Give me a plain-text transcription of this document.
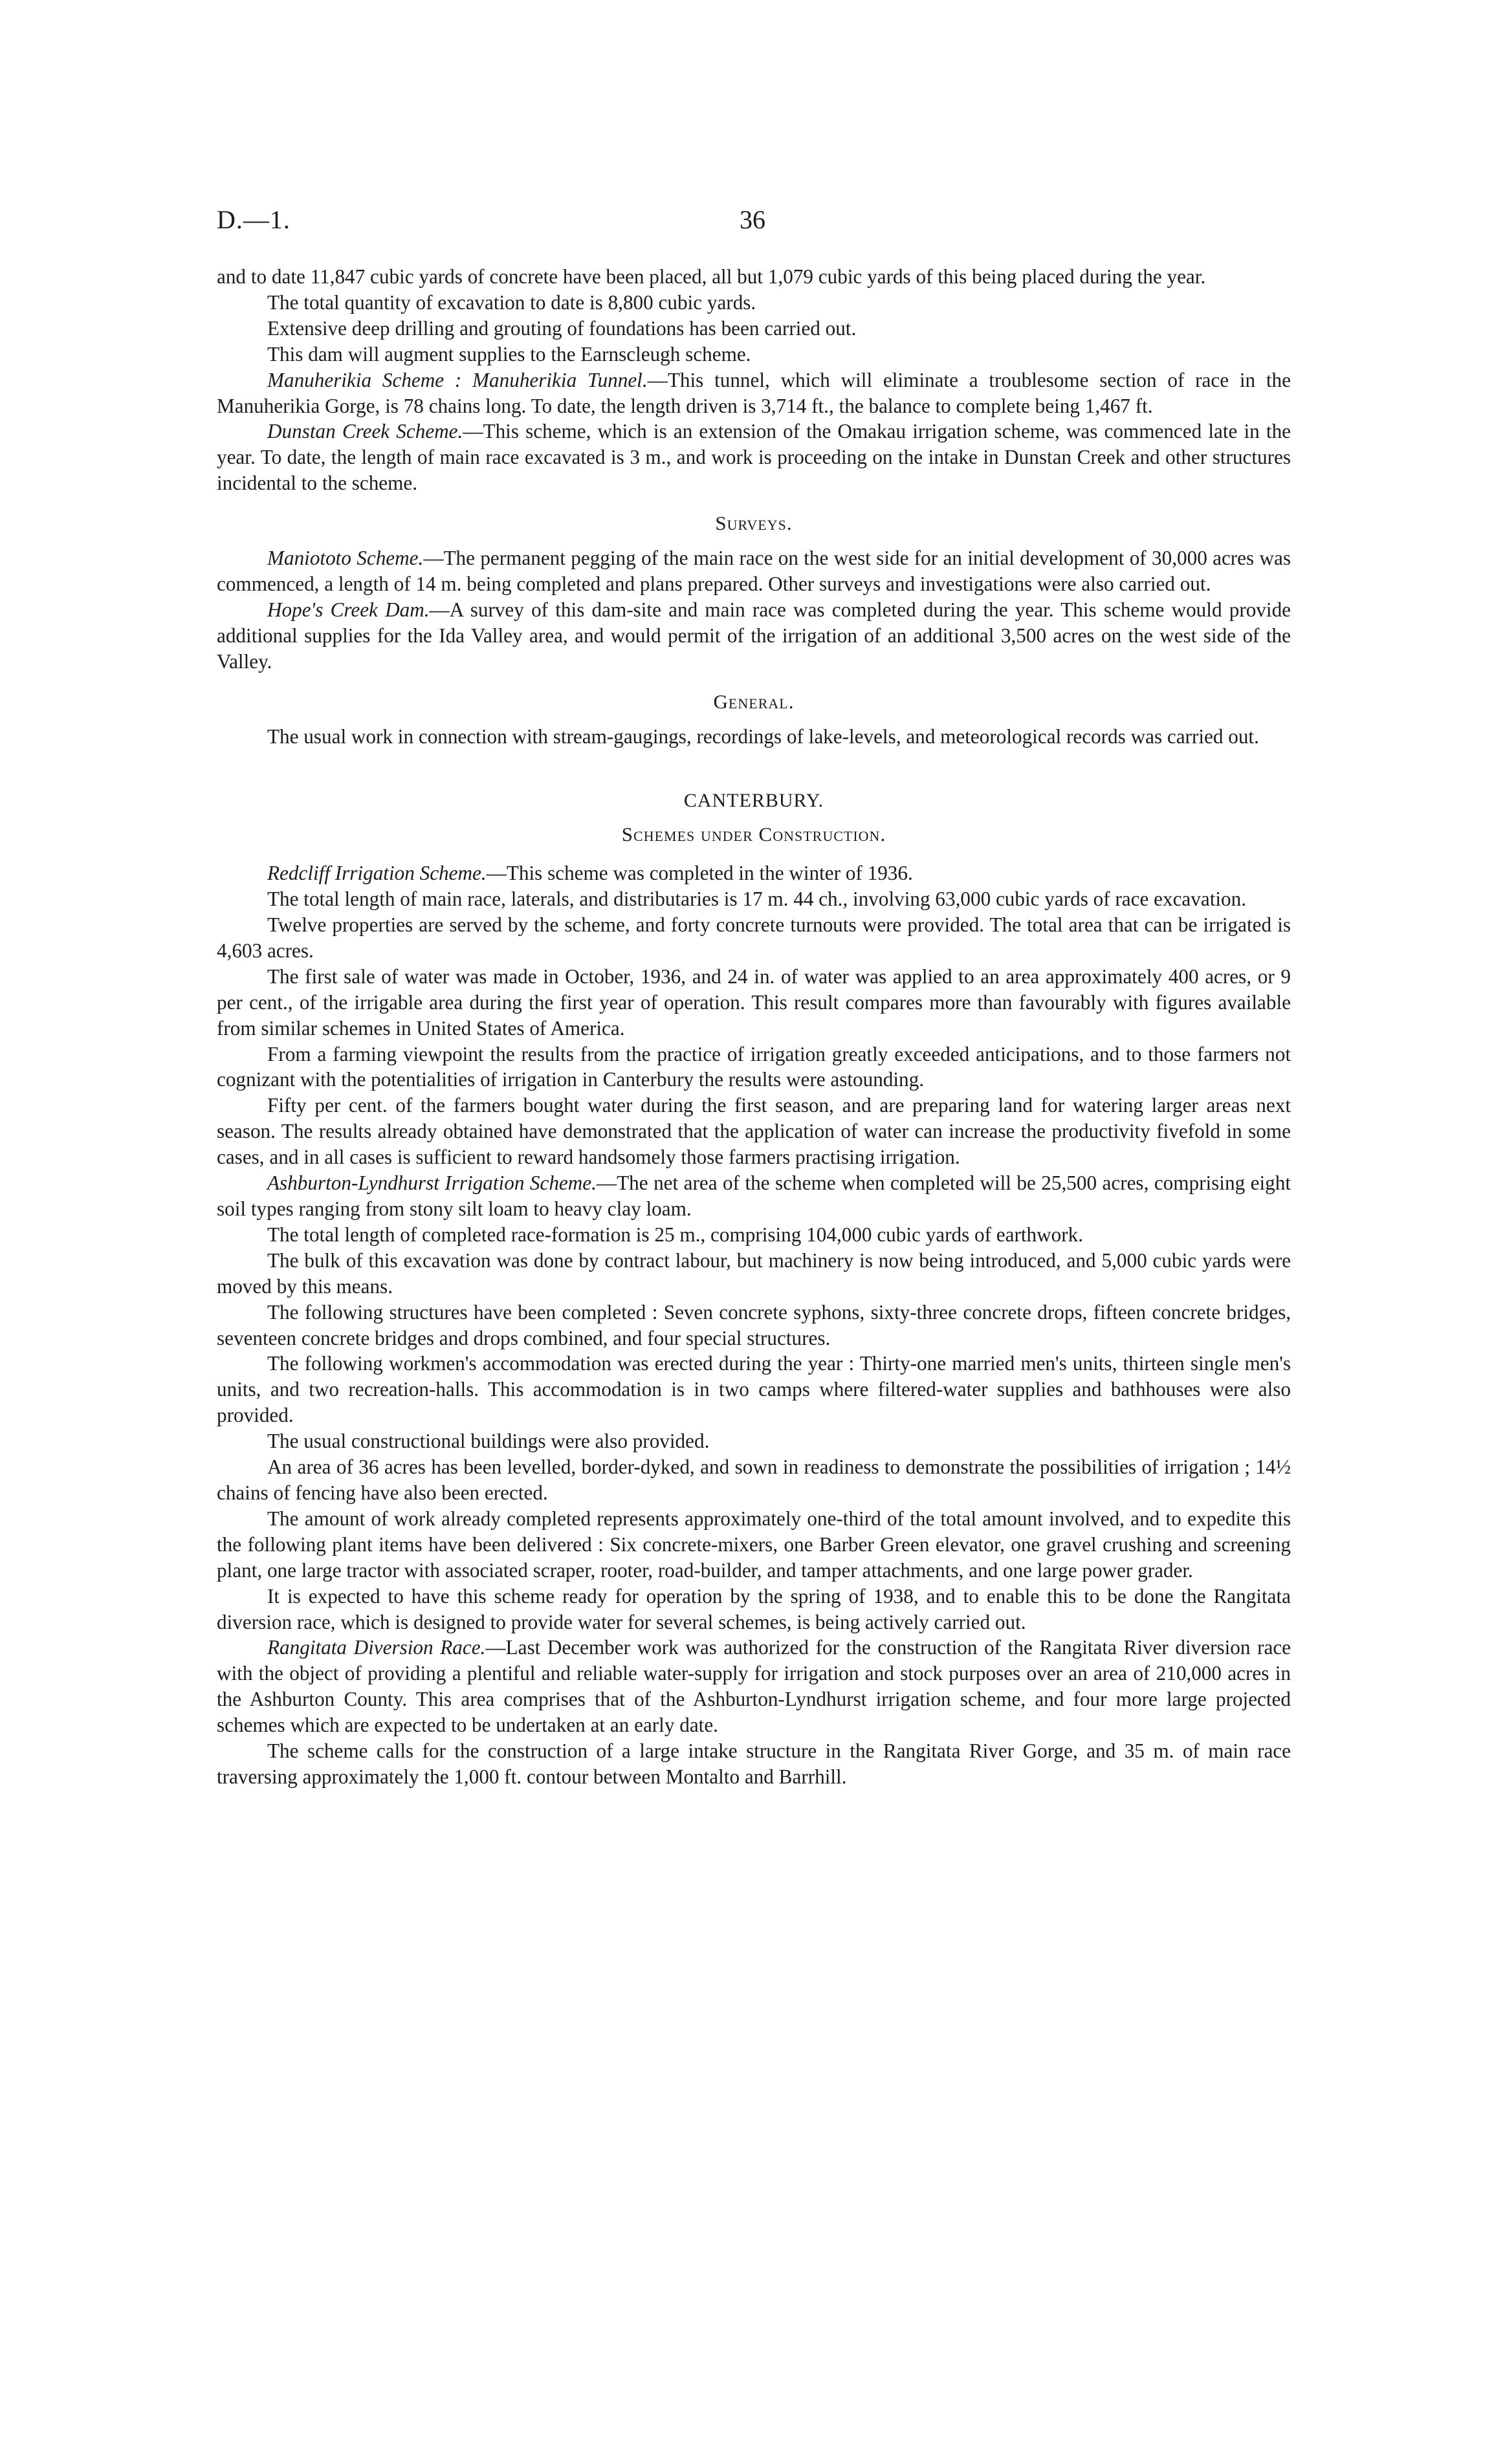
D.—1.	36

and to date 11,847 cubic yards of concrete have been placed, all but 1,079 cubic yards of this being placed during the year.

The total quantity of excavation to date is 8,800 cubic yards.

Extensive deep drilling and grouting of foundations has been carried out.

This dam will augment supplies to the Earnscleugh scheme.

Manuherikia Scheme : Manuherikia Tunnel.—This tunnel, which will eliminate a troublesome section of race in the Manuherikia Gorge, is 78 chains long. To date, the length driven is 3,714 ft., the balance to complete being 1,467 ft.

Dunstan Creek Scheme.—This scheme, which is an extension of the Omakau irrigation scheme, was commenced late in the year. To date, the length of main race excavated is 3 m., and work is proceeding on the intake in Dunstan Creek and other structures incidental to the scheme.

Surveys.

Maniototo Scheme.—The permanent pegging of the main race on the west side for an initial development of 30,000 acres was commenced, a length of 14 m. being completed and plans prepared. Other surveys and investigations were also carried out.

Hope's Creek Dam.—A survey of this dam-site and main race was completed during the year. This scheme would provide additional supplies for the Ida Valley area, and would permit of the irrigation of an additional 3,500 acres on the west side of the Valley.

General.

The usual work in connection with stream-gaugings, recordings of lake-levels, and meteorological records was carried out.

CANTERBURY.
Schemes under Construction.

Redcliff Irrigation Scheme.—This scheme was completed in the winter of 1936.

The total length of main race, laterals, and distributaries is 17 m. 44 ch., involving 63,000 cubic yards of race excavation.

Twelve properties are served by the scheme, and forty concrete turnouts were provided. The total area that can be irrigated is 4,603 acres.

The first sale of water was made in October, 1936, and 24 in. of water was applied to an area approximately 400 acres, or 9 per cent., of the irrigable area during the first year of operation. This result compares more than favourably with figures available from similar schemes in United States of America.

From a farming viewpoint the results from the practice of irrigation greatly exceeded anticipations, and to those farmers not cognizant with the potentialities of irrigation in Canterbury the results were astounding.

Fifty per cent. of the farmers bought water during the first season, and are preparing land for watering larger areas next season. The results already obtained have demonstrated that the application of water can increase the productivity fivefold in some cases, and in all cases is sufficient to reward handsomely those farmers practising irrigation.

Ashburton-Lyndhurst Irrigation Scheme.—The net area of the scheme when completed will be 25,500 acres, comprising eight soil types ranging from stony silt loam to heavy clay loam.

The total length of completed race-formation is 25 m., comprising 104,000 cubic yards of earthwork.

The bulk of this excavation was done by contract labour, but machinery is now being introduced, and 5,000 cubic yards were moved by this means.

The following structures have been completed : Seven concrete syphons, sixty-three concrete drops, fifteen concrete bridges, seventeen concrete bridges and drops combined, and four special structures.

The following workmen's accommodation was erected during the year : Thirty-one married men's units, thirteen single men's units, and two recreation-halls. This accommodation is in two camps where filtered-water supplies and bathhouses were also provided.

The usual constructional buildings were also provided.

An area of 36 acres has been levelled, border-dyked, and sown in readiness to demonstrate the possibilities of irrigation ; 14½ chains of fencing have also been erected.

The amount of work already completed represents approximately one-third of the total amount involved, and to expedite this the following plant items have been delivered : Six concrete-mixers, one Barber Green elevator, one gravel crushing and screening plant, one large tractor with associated scraper, rooter, road-builder, and tamper attachments, and one large power grader.

It is expected to have this scheme ready for operation by the spring of 1938, and to enable this to be done the Rangitata diversion race, which is designed to provide water for several schemes, is being actively carried out.

Rangitata Diversion Race.—Last December work was authorized for the construction of the Rangitata River diversion race with the object of providing a plentiful and reliable water-supply for irrigation and stock purposes over an area of 210,000 acres in the Ashburton County. This area comprises that of the Ashburton-Lyndhurst irrigation scheme, and four more large projected schemes which are expected to be undertaken at an early date.

The scheme calls for the construction of a large intake structure in the Rangitata River Gorge, and 35 m. of main race traversing approximately the 1,000 ft. contour between Montalto and Barrhill.
